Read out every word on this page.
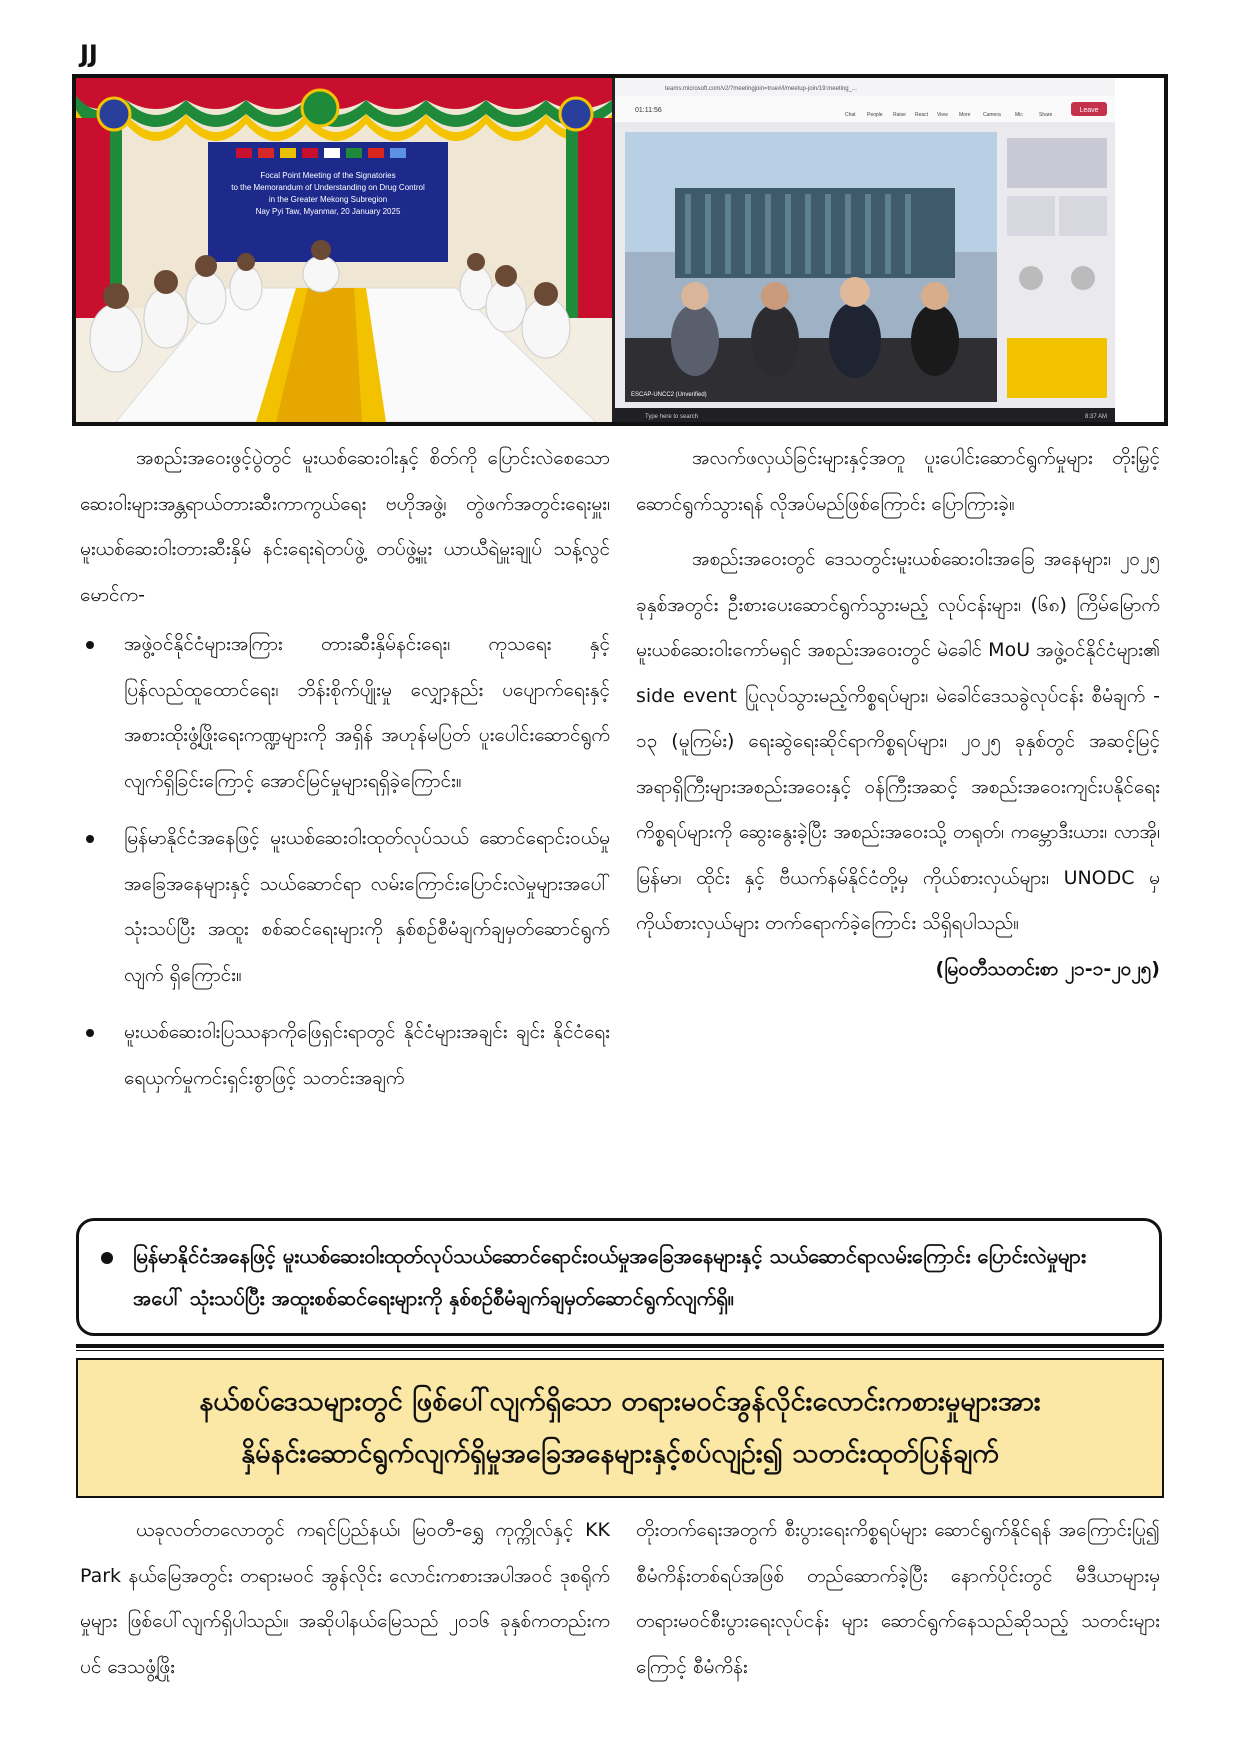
JJ
Focal Point Meeting of the Signatories
to the Memorandum of Understanding on Drug Control
in the Greater Mekong Subregion
Nay Pyi Taw, Myanmar, 20 January 2025
teams.microsoft.com/v2/?meetingjoin=true#/l/meetup-join/19:meeting_...
01:11:56
Chat People Raise React View More	Camera	Mic	Share
Leave
ESCAP-UNCC2 (Unverified)
Type here to search	8:37 AM

အစည်းအဝေးဖွင့်ပွဲတွင် မူးယစ်ဆေးဝါးနှင့် စိတ်ကို ပြောင်းလဲစေသော ဆေးဝါးများအန္တရာယ်တားဆီးကာကွယ်ရေး ဗဟိုအဖွဲ့၊ တွဲဖက်အတွင်းရေးမှူး၊ မူးယစ်ဆေးဝါးတားဆီးနှိမ် နင်းရေးရဲတပ်ဖွဲ့ တပ်ဖွဲ့မှူး ယာယီရဲမှူးချုပ် သန့်လွင်မောင်က-

အဖွဲ့ဝင်နိုင်ငံများအကြား တားဆီးနှိမ်နင်းရေး၊ ကုသရေး နှင့် ပြန်လည်ထူထောင်ရေး၊ ဘိန်းစိုက်ပျိုးမှု လျှော့နည်း ပပျောက်ရေးနှင့် အစားထိုးဖွံ့ဖြိုးရေးကဏ္ဍများကို အရှိန် အဟုန်မပြတ် ပူးပေါင်းဆောင်ရွက်လျက်ရှိခြင်းကြောင့် အောင်မြင်မှုများရရှိခဲ့ကြောင်း။
မြန်မာနိုင်ငံအနေဖြင့် မူးယစ်ဆေးဝါးထုတ်လုပ်သယ် ဆောင်ရောင်းဝယ်မှုအခြေအနေများနှင့် သယ်ဆောင်ရာ လမ်းကြောင်းပြောင်းလဲမှုများအပေါ်သုံးသပ်ပြီး အထူး စစ်ဆင်ရေးများကို နှစ်စဉ်စီမံချက်ချမှတ်ဆောင်ရွက်လျက် ရှိကြောင်း။
မူးယစ်ဆေးဝါးပြဿနာကိုဖြေရှင်းရာတွင် နိုင်ငံများအချင်း ချင်း နိုင်ငံရေးရေယှက်မှုကင်းရှင်းစွာဖြင့် သတင်းအချက်

အလက်ဖလှယ်ခြင်းများနှင့်အတူ ပူးပေါင်းဆောင်ရွက်မှုများ တိုးမြှင့်ဆောင်ရွက်သွားရန် လိုအပ်မည်ဖြစ်ကြောင်း ပြောကြားခဲ့။

အစည်းအဝေးတွင် ဒေသတွင်းမူးယစ်ဆေးဝါးအခြေ အနေများ၊ ၂၀၂၅ ခုနှစ်အတွင်း ဦးစားပေးဆောင်ရွက်သွားမည့် လုပ်ငန်းများ၊ (၆၈) ကြိမ်မြောက် မူးယစ်ဆေးဝါးကော်မရှင် အစည်းအဝေးတွင် မဲခေါင် MoU အဖွဲ့ဝင်နိုင်ငံများ၏ side event ပြုလုပ်သွားမည့်ကိစ္စရပ်များ၊ မဲခေါင်ဒေသခွဲလုပ်ငန်း စီမံချက် - ၁၃ (မူကြမ်း) ရေးဆွဲရေးဆိုင်ရာကိစ္စရပ်များ၊ ၂၀၂၅ ခုနှစ်တွင် အဆင့်မြင့်အရာရှိကြီးများအစည်းအဝေးနှင့် ဝန်ကြီးအဆင့် အစည်းအဝေးကျင်းပနိုင်ရေးကိစ္စရပ်များကို ဆွေးနွေးခဲ့ပြီး အစည်းအဝေးသို့ တရုတ်၊ ကမ္ဘောဒီးယား၊ လာအို၊ မြန်မာ၊ ထိုင်း နှင့် ဗီယက်နမ်နိုင်ငံတို့မှ ကိုယ်စားလှယ်များ၊ UNODC မှ ကိုယ်စားလှယ်များ တက်ရောက်ခဲ့ကြောင်း သိရှိရပါသည်။

(မြဝတီသတင်းစာ ၂၁-၁-၂၀၂၅)

မြန်မာနိုင်ငံအနေဖြင့် မူးယစ်ဆေးဝါးထုတ်လုပ်သယ်ဆောင်ရောင်းဝယ်မှုအခြေအနေများနှင့် သယ်ဆောင်ရာလမ်းကြောင်း ပြောင်းလဲမှုများအပေါ် သုံးသပ်ပြီး အထူးစစ်ဆင်ရေးများကို နှစ်စဉ်စီမံချက်ချမှတ်ဆောင်ရွက်လျက်ရှိ။
နယ်စပ်ဒေသများတွင် ဖြစ်ပေါ်လျက်ရှိသော တရားမဝင်အွန်လိုင်းလောင်းကစားမှုများအား
နှိမ်နင်းဆောင်ရွက်လျက်ရှိမှုအခြေအနေများနှင့်စပ်လျဉ်း၍ သတင်းထုတ်ပြန်ချက်

ယခုလတ်တလောတွင် ကရင်ပြည်နယ်၊ မြဝတီ-ရွှေ ကုက္ကိုလ်နှင့် KK Park နယ်မြေအတွင်း တရားမဝင် အွန်လိုင်း လောင်းကစားအပါအဝင် ဒုစရိုက်မှုများ ဖြစ်ပေါ်လျက်ရှိပါသည်။ အဆိုပါနယ်မြေသည် ၂၀၁၆ ခုနှစ်ကတည်းကပင် ဒေသဖွံ့ဖြိုး

တိုးတက်ရေးအတွက် စီးပွားရေးကိစ္စရပ်များ ဆောင်ရွက်နိုင်ရန် အကြောင်းပြု၍ စီမံကိန်းတစ်ရပ်အဖြစ် တည်ဆောက်ခဲ့ပြီး နောက်ပိုင်းတွင် မီဒီယာများမှ တရားမဝင်စီးပွားရေးလုပ်ငန်း များ ဆောင်ရွက်နေသည်ဆိုသည့် သတင်းများကြောင့် စီမံကိန်း
